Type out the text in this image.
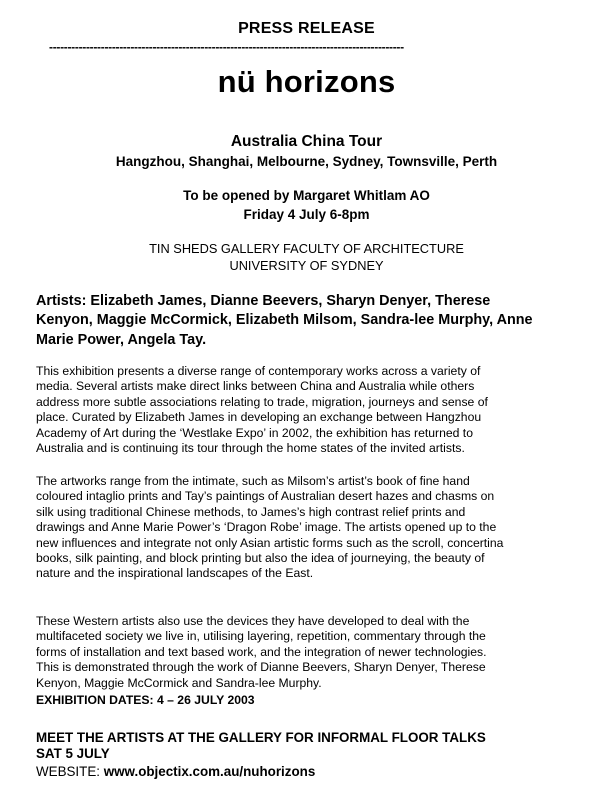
PRESS RELEASE
------------------------------------------------------------------------------------------------
nü horizons
Australia China Tour
Hangzhou, Shanghai, Melbourne, Sydney, Townsville, Perth
To be opened by Margaret Whitlam AO
Friday 4 July 6-8pm
TIN SHEDS GALLERY FACULTY OF ARCHITECTURE
UNIVERSITY OF SYDNEY
Artists: Elizabeth James, Dianne Beevers, Sharyn Denyer, Therese
Kenyon, Maggie McCormick, Elizabeth Milsom, Sandra-lee Murphy, Anne
Marie Power, Angela Tay.
This exhibition presents a diverse range of contemporary works across a variety of
media. Several artists make direct links between China and Australia while others
address more subtle associations relating to trade, migration, journeys and sense of
place. Curated by Elizabeth James in developing an exchange between Hangzhou
Academy of Art during the ‘Westlake Expo’ in 2002, the exhibition has returned to
Australia and is continuing its tour through the home states of the invited artists.
The artworks range from the intimate, such as Milsom’s artist’s book of fine hand
coloured intaglio prints and Tay’s paintings of Australian desert hazes and chasms on
silk using traditional Chinese methods, to James’s high contrast relief prints and
drawings and Anne Marie Power’s ‘Dragon Robe’ image. The artists opened up to the
new influences and integrate not only Asian artistic forms such as the scroll, concertina
books, silk painting, and block printing but also the idea of journeying, the beauty of
nature and the inspirational landscapes of the East.
These Western artists also use the devices they have developed to deal with the
multifaceted society we live in, utilising layering, repetition, commentary through the
forms of installation and text based work, and the integration of newer technologies.
This is demonstrated through the work of Dianne Beevers, Sharyn Denyer, Therese
Kenyon, Maggie McCormick and Sandra-lee Murphy.
EXHIBITION DATES: 4 – 26 JULY 2003
MEET THE ARTISTS AT THE GALLERY FOR INFORMAL FLOOR TALKS
SAT 5 JULY
WEBSITE: www.objectix.com.au/nuhorizons
